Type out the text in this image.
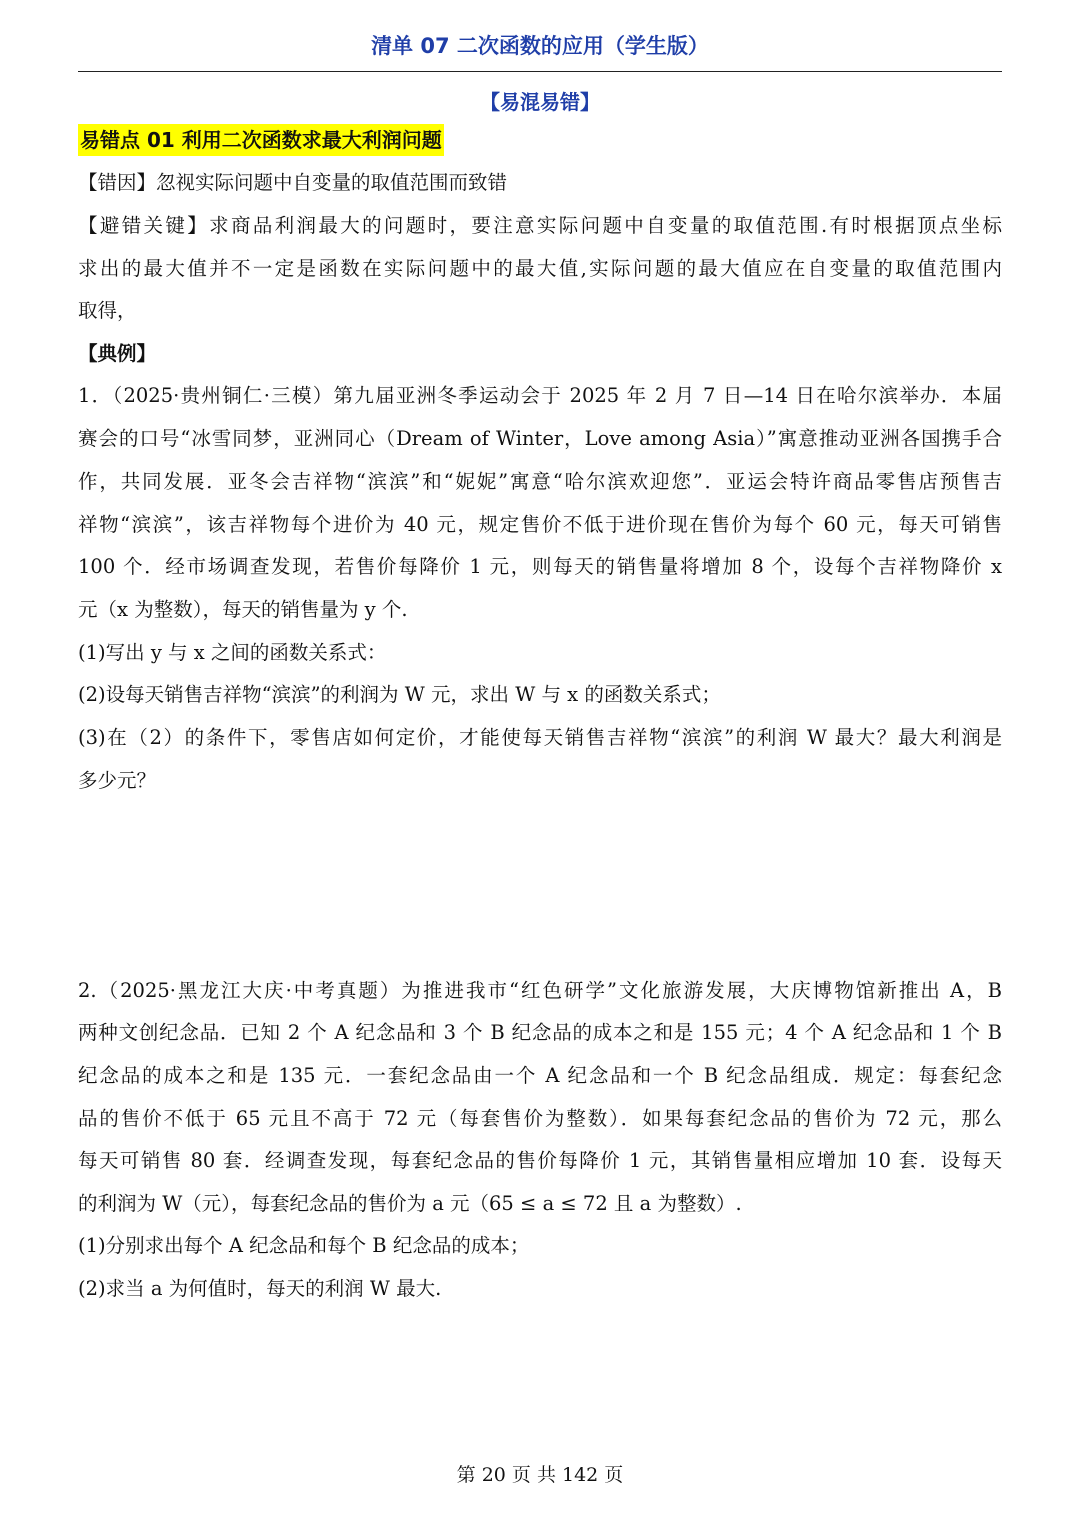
清单 07 二次函数的应用（学生版）
【易混易错】
易错点 01 利用二次函数求最大利润问题
【错因】忽视实际问题中自变量的取值范围而致错
【避错关键】求商品利润最大的问题时，要注意实际问题中自变量的取值范围.有时根据顶点坐标
求出的最大值并不一定是函数在实际问题中的最大值,实际问题的最大值应在自变量的取值范围内
取得，
【典例】
1．（2025·贵州铜仁·三模）第九届亚洲冬季运动会于 2025 年 2 月 7 日—14 日在哈尔滨举办．本届
赛会的口号“冰雪同梦，亚洲同心（Dream of Winter，Love among Asia）”寓意推动亚洲各国携手合
作，共同发展．亚冬会吉祥物“滨滨”和“妮妮”寓意“哈尔滨欢迎您”．亚运会特许商品零售店预售吉
祥物“滨滨”，该吉祥物每个进价为 40 元，规定售价不低于进价现在售价为每个 60 元，每天可销售
100 个．经市场调查发现，若售价每降价 1 元，则每天的销售量将增加 8 个，设每个吉祥物降价 x
元（x 为整数），每天的销售量为 y 个.
(1)写出 y 与 x 之间的函数关系式：
(2)设每天销售吉祥物“滨滨”的利润为 W 元，求出 W 与 x 的函数关系式；
(3)在（2）的条件下，零售店如何定价，才能使每天销售吉祥物“滨滨”的利润 W 最大？最大利润是
多少元？
2.（2025·黑龙江大庆·中考真题）为推进我市“红色研学”文化旅游发展，大庆博物馆新推出 A，B
两种文创纪念品．已知 2 个 A 纪念品和 3 个 B 纪念品的成本之和是 155 元；4 个 A 纪念品和 1 个 B
纪念品的成本之和是 135 元．一套纪念品由一个 A 纪念品和一个 B 纪念品组成．规定：每套纪念
品的售价不低于 65 元且不高于 72 元（每套售价为整数）．如果每套纪念品的售价为 72 元，那么
每天可销售 80 套．经调查发现，每套纪念品的售价每降价 1 元，其销售量相应增加 10 套．设每天
的利润为 W（元），每套纪念品的售价为 a 元（65 ≤ a ≤ 72 且 a 为整数）.
(1)分别求出每个 A 纪念品和每个 B 纪念品的成本；
(2)求当 a 为何值时，每天的利润 W 最大.
第 20 页 共 142 页
